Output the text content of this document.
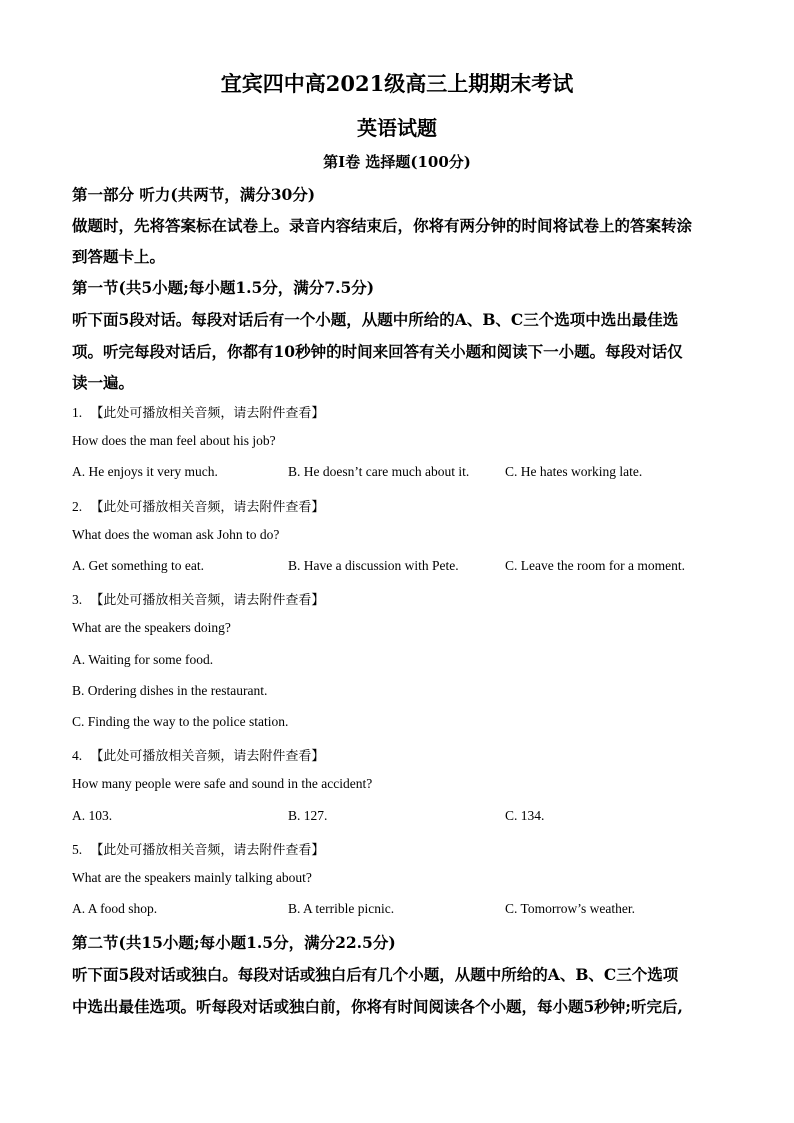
宜宾四中高2021级高三上期期末考试
英语试题
第I卷 选择题(100分)
第一部分 听力(共两节，满分30分)
做题时，先将答案标在试卷上。录音内容结束后，你将有两分钟的时间将试卷上的答案转涂
到答题卡上。
第一节(共5小题;每小题1.5分，满分7.5分)
听下面5段对话。每段对话后有一个小题，从题中所给的A、B、C三个选项中选出最佳选
项。听完每段对话后，你都有10秒钟的时间来回答有关小题和阅读下一小题。每段对话仅
读一遍。
1. 【此处可播放相关音频，请去附件查看】
How does the man feel about his job?
A. He enjoys it very much.	B. He doesn’t care much about it.	C. He hates working late.
2. 【此处可播放相关音频，请去附件查看】
What does the woman ask John to do?
A. Get something to eat.	B. Have a discussion with Pete.	C. Leave the room for a moment.
3. 【此处可播放相关音频，请去附件查看】
What are the speakers doing?
A. Waiting for some food.
B. Ordering dishes in the restaurant.
C. Finding the way to the police station.
4. 【此处可播放相关音频，请去附件查看】
How many people were safe and sound in the accident?
A. 103.	B. 127.	C. 134.
5. 【此处可播放相关音频，请去附件查看】
What are the speakers mainly talking about?
A. A food shop.	B. A terrible picnic.	C. Tomorrow’s weather.
第二节(共15小题;每小题1.5分，满分22.5分)
听下面5段对话或独白。每段对话或独白后有几个小题，从题中所给的A、B、C三个选项
中选出最佳选项。听每段对话或独白前，你将有时间阅读各个小题，每小题5秒钟;听完后,
